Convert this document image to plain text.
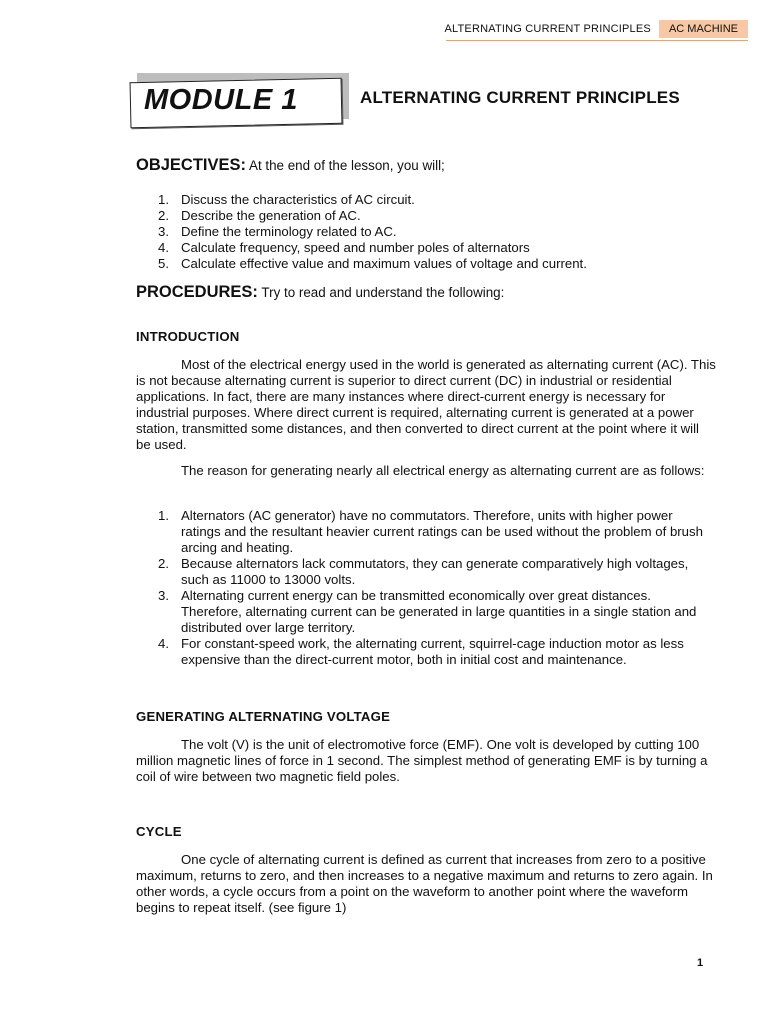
ALTERNATING CURRENT PRINCIPLES	AC MACHINE
MODULE 1	ALTERNATING CURRENT PRINCIPLES
OBJECTIVES: At the end of the lesson, you will;
1. Discuss the characteristics of AC circuit.
2. Describe the generation of AC.
3. Define the terminology related to AC.
4. Calculate frequency, speed and number poles of alternators
5. Calculate effective value and maximum values of voltage and current.
PROCEDURES: Try to read and understand the following:
INTRODUCTION

Most of the electrical energy used in the world is generated as alternating current (AC). This is not because alternating current is superior to direct current (DC) in industrial or residential applications. In fact, there are many instances where direct-current energy is necessary for industrial purposes. Where direct current is required, alternating current is generated at a power station, transmitted some distances, and then converted to direct current at the point where it will be used.

The reason for generating nearly all electrical energy as alternating current are as follows:

1. Alternators (AC generator) have no commutators. Therefore, units with higher power ratings and the resultant heavier current ratings can be used without the problem of brush arcing and heating.
2. Because alternators lack commutators, they can generate comparatively high voltages, such as 11000 to 13000 volts.
3. Alternating current energy can be transmitted economically over great distances. Therefore, alternating current can be generated in large quantities in a single station and distributed over large territory.
4. For constant-speed work, the alternating current, squirrel-cage induction motor as less expensive than the direct-current motor, both in initial cost and maintenance.
GENERATING ALTERNATING VOLTAGE

The volt (V) is the unit of electromotive force (EMF). One volt is developed by cutting 100 million magnetic lines of force in 1 second. The simplest method of generating EMF is by turning a coil of wire between two magnetic field poles.

CYCLE

One cycle of alternating current is defined as current that increases from zero to a positive maximum, returns to zero, and then increases to a negative maximum and returns to zero again. In other words, a cycle occurs from a point on the waveform to another point where the waveform begins to repeat itself. (see figure 1)

1
